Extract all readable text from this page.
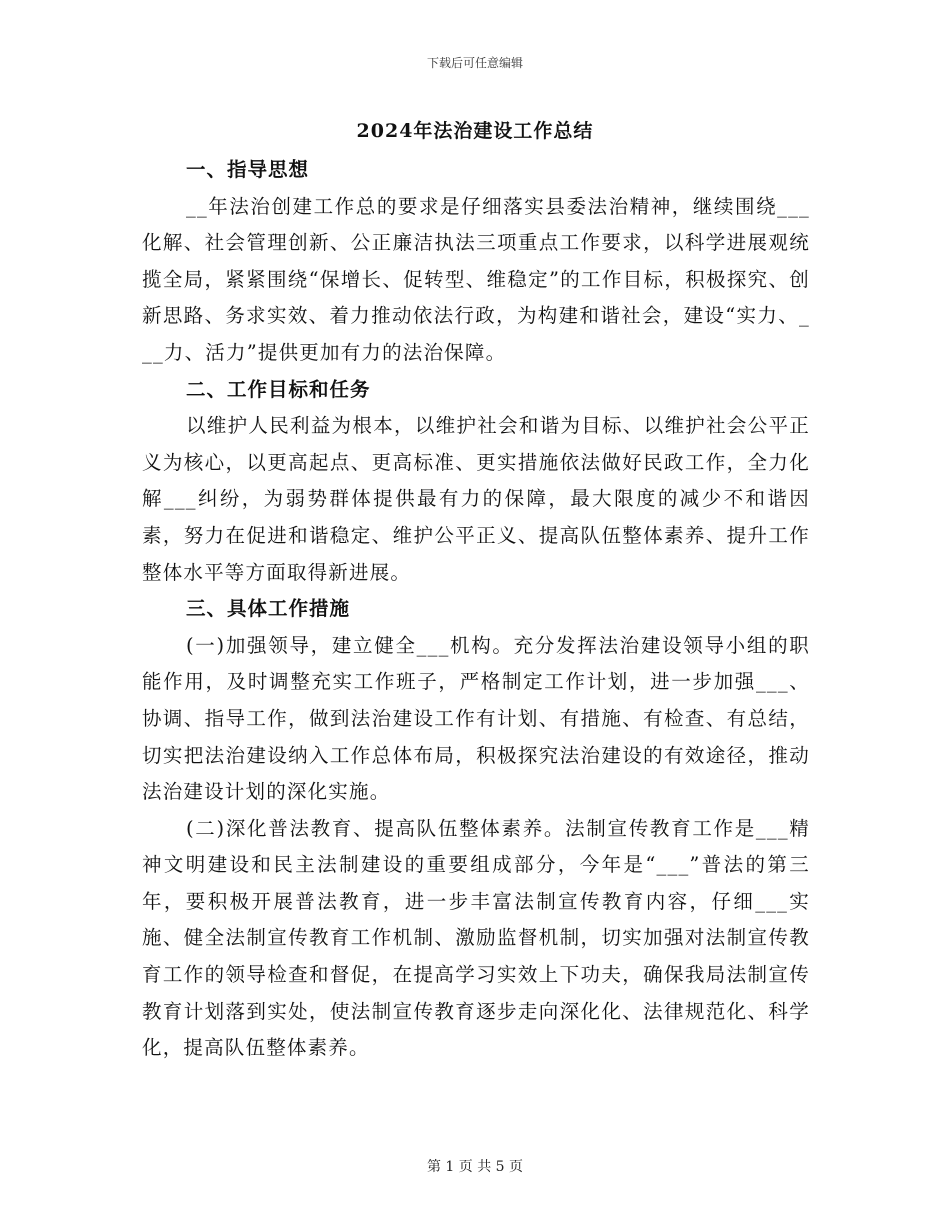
下载后可任意编辑
2024年法治建设工作总结

一、指导思想

__年法治创建工作总的要求是仔细落实县委法治精神，继续围绕___化解、社会管理创新、公正廉洁执法三项重点工作要求，以科学进展观统揽全局，紧紧围绕“保增长、促转型、维稳定”的工作目标，积极探究、创新思路、务求实效、着力推动依法行政，为构建和谐社会，建设“实力、___力、活力”提供更加有力的法治保障。

二、工作目标和任务

以维护人民利益为根本，以维护社会和谐为目标、以维护社会公平正义为核心，以更高起点、更高标准、更实措施依法做好民政工作，全力化解___纠纷，为弱势群体提供最有力的保障，最大限度的减少不和谐因素，努力在促进和谐稳定、维护公平正义、提高队伍整体素养、提升工作整体水平等方面取得新进展。

三、具体工作措施

(一)加强领导，建立健全___机构。充分发挥法治建设领导小组的职能作用，及时调整充实工作班子，严格制定工作计划，进一步加强___、协调、指导工作，做到法治建设工作有计划、有措施、有检查、有总结，切实把法治建设纳入工作总体布局，积极探究法治建设的有效途径，推动法治建设计划的深化实施。

(二)深化普法教育、提高队伍整体素养。法制宣传教育工作是___精神文明建设和民主法制建设的重要组成部分，今年是“___”普法的第三年，要积极开展普法教育，进一步丰富法制宣传教育内容，仔细___实施、健全法制宣传教育工作机制、激励监督机制，切实加强对法制宣传教育工作的领导检查和督促，在提高学习实效上下功夫，确保我局法制宣传教育计划落到实处，使法制宣传教育逐步走向深化化、法律规范化、科学化，提高队伍整体素养。

第 1 页 共 5 页
